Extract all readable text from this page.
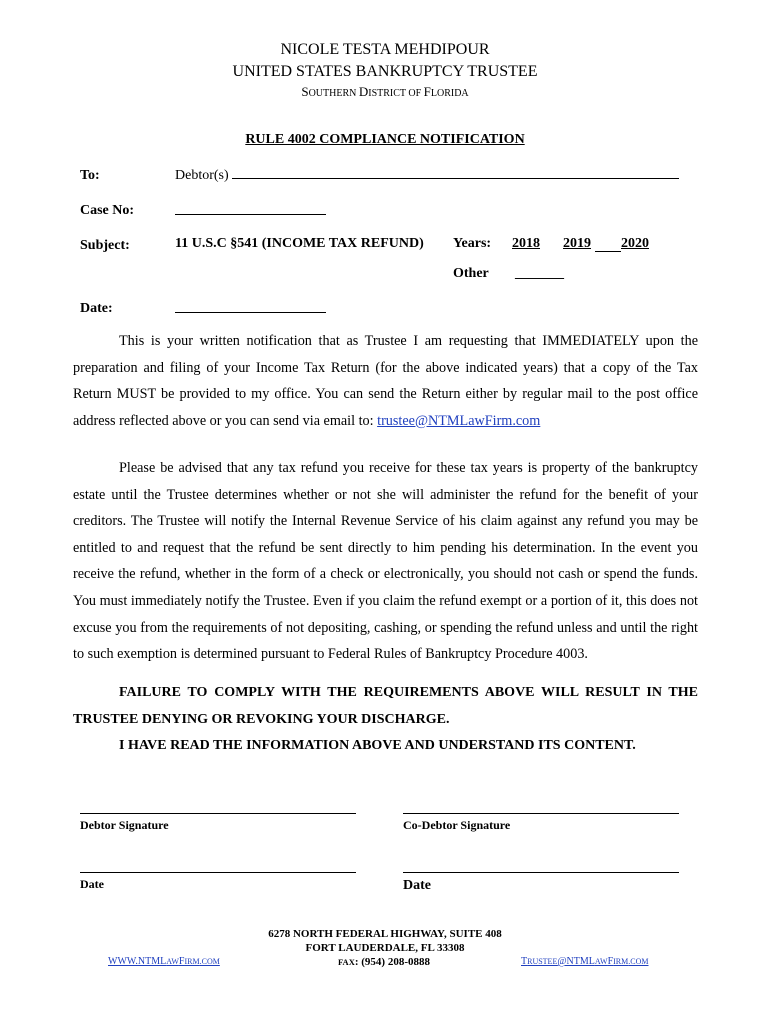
NICOLE TESTA MEHDIPOUR
UNITED STATES BANKRUPTCY TRUSTEE
SOUTHERN DISTRICT OF FLORIDA
RULE 4002 COMPLIANCE NOTIFICATION
To:	Debtor(s)
Case No:
Subject:	11 U.S.C §541 (INCOME TAX REFUND) Years: 2018 2019 2020
Other _______
Date:
This is your written notification that as Trustee I am requesting that IMMEDIATELY upon the preparation and filing of your Income Tax Return (for the above indicated years) that a copy of the Tax Return MUST be provided to my office. You can send the Return either by regular mail to the post office address reflected above or you can send via email to: trustee@NTMLawFirm.com
Please be advised that any tax refund you receive for these tax years is property of the bankruptcy estate until the Trustee determines whether or not she will administer the refund for the benefit of your creditors. The Trustee will notify the Internal Revenue Service of his claim against any refund you may be entitled to and request that the refund be sent directly to him pending his determination. In the event you receive the refund, whether in the form of a check or electronically, you should not cash or spend the funds. You must immediately notify the Trustee. Even if you claim the refund exempt or a portion of it, this does not excuse you from the requirements of not depositing, cashing, or spending the refund unless and until the right to such exemption is determined pursuant to Federal Rules of Bankruptcy Procedure 4003.
FAILURE TO COMPLY WITH THE REQUIREMENTS ABOVE WILL RESULT IN THE TRUSTEE DENYING OR REVOKING YOUR DISCHARGE.
I HAVE READ THE INFORMATION ABOVE AND UNDERSTAND ITS CONTENT.
Debtor Signature	Co-Debtor Signature
Date	Date
6278 NORTH FEDERAL HIGHWAY, SUITE 408
FORT LAUDERDALE, FL 33308
FAX: (954) 208-0888
WWW.NTMLAWFIRM.COM	TRUSTEE@NTMLAWFIRM.COM
